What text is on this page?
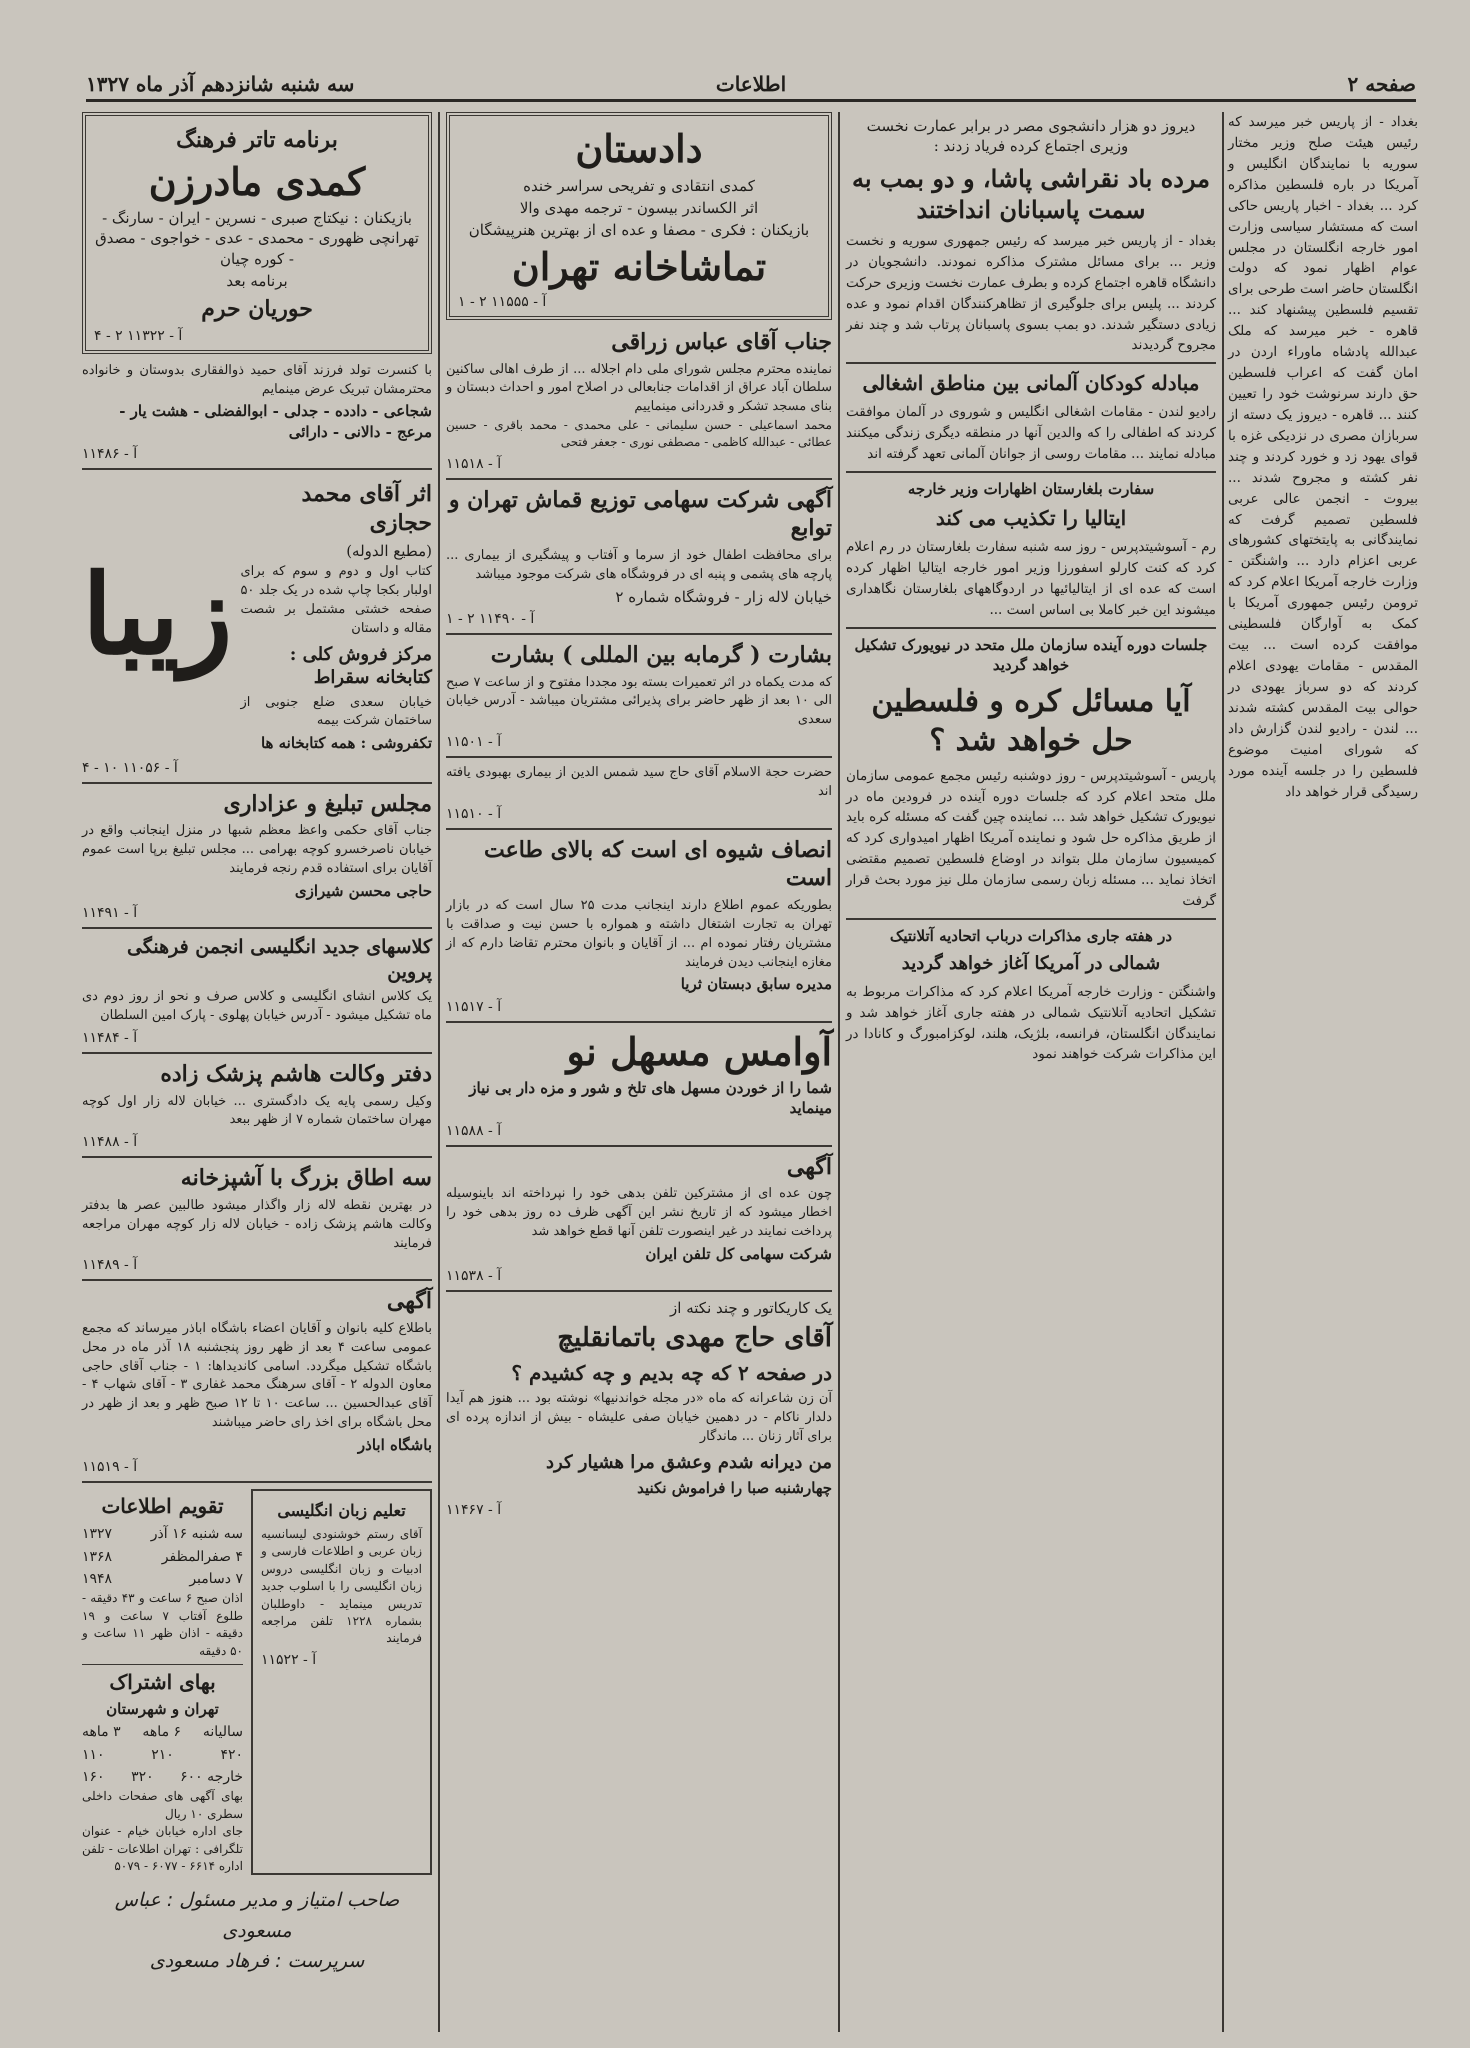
صفحه ۲
اطلاعات
سه شنبه شانزدهم آذر ماه ۱۳۲۷
برنامه تاتر فرهنگ
کمدی مادرزن
بازیکنان : نیکتاج صبری - نسرین - ایران - سارنگ - تهرانچی ظهوری - محمدی - عدی - خواجوی - مصدق - کوره چیان
برنامه بعد
حوریان حرم
آ - ۱۱۳۲۲ ۲ - ۴
با کنسرت تولد فرزند آقای حمید ذوالفقاری بدوستان و خانواده محترمشان تبریک عرض مینمایم
شجاعی - دادده - جدلی - ابوالفضلی - هشت یار - مرعج - دالانی - دارائی
آ - ۱۱۴۸۶
اثر آقای محمد حجازی
(مطیع الدوله)
کتاب اول و دوم و سوم که برای اولبار بکجا چاپ شده در یک جلد ۵۰ صفحه خشتی مشتمل بر شصت مقاله و داستان
مرکز فروش کلی : کتابخانه سقراط
خیابان سعدی ضلع جنوبی از ساختمان شرکت بیمه
تکفروشی : همه کتابخانه ها
زیبا
آ - ۱۱۰۵۶ ۱۰ - ۴
مجلس تبلیغ و عزاداری
جناب آقای حکمی واعظ معظم شبها در منزل اینجانب واقع در خیابان ناصرخسرو کوچه بهرامی ... مجلس تبلیغ برپا است عموم آقایان برای استفاده قدم رنجه فرمایند
حاجی محسن شیرازی
آ - ۱۱۴۹۱
کلاسهای جدید انگلیسی انجمن فرهنگی پروین
یک کلاس انشای انگلیسی و کلاس صرف و نحو از روز دوم دی ماه تشکیل میشود - آدرس خیابان پهلوی - پارک امین السلطان
آ - ۱۱۴۸۴
دفتر وکالت هاشم پزشک زاده
وکیل رسمی پایه یک دادگستری ... خیابان لاله زار اول کوچه مهران ساختمان شماره ۷ از ظهر ببعد
آ - ۱۱۴۸۸
سه اطاق بزرگ با آشپزخانه
در بهترین نقطه لاله زار واگذار میشود طالبین عصر ها بدفتر وکالت هاشم پزشک زاده - خیابان لاله زار کوچه مهران مراجعه فرمایند
آ - ۱۱۴۸۹
آگهی
باطلاع کلیه بانوان و آقایان اعضاء باشگاه اباذر میرساند که مجمع عمومی ساعت ۴ بعد از ظهر روز پنجشنبه ۱۸ آذر ماه در محل باشگاه تشکیل میگردد. اسامی کاندیداها: ۱ - جناب آقای حاجی معاون الدوله ۲ - آقای سرهنگ محمد غفاری ۳ - آقای شهاب ۴ - آقای عبدالحسین ... ساعت ۱۰ تا ۱۲ صبح ظهر و بعد از ظهر در محل باشگاه برای اخذ رای حاضر میباشند
باشگاه اباذر
آ - ۱۱۵۱۹
تعلیم زبان انگلیسی
آقای رستم خوشنودی لیسانسیه زبان عربی و اطلاعات فارسی و ادبیات و زبان انگلیسی دروس زبان انگلیسی را با اسلوب جدید تدریس مینماید - داوطلبان بشماره ۱۲۲۸ تلفن مراجعه فرمایند
آ - ۱۱۵۲۲
تقویم اطلاعات
سه شنبه ۱۶ آذر
۱۳۲۷
۴ صفرالمظفر
۱۳۶۸
۷ دسامبر
۱۹۴۸
اذان صبح ۶ ساعت و ۴۳ دقیقه - طلوع آفتاب ۷ ساعت و ۱۹ دقیقه - اذان ظهر ۱۱ ساعت و ۵۰ دقیقه
بهای اشتراک
تهران و شهرستان
سالیانه
۶ ماهه
۳ ماهه
۴۲۰
۲۱۰
۱۱۰
خارجه ۶۰۰
۳۲۰
۱۶۰
بهای آگهی های صفحات داخلی سطری ۱۰ ریال
جای اداره خیابان خیام - عنوان تلگرافی : تهران اطلاعات - تلفن اداره ۶۶۱۴ - ۶۰۷۷ - ۵۰۷۹
صاحب امتیاز و مدیر مسئول : عباس مسعودی
سرپرست : فرهاد مسعودی
دادستان
کمدی انتقادی و تفریحی سراسر خنده
اثر الکساندر بیسون - ترجمه مهدی والا
بازیکنان : فکری - مصفا و عده ای از بهترین هنرپیشگان
تماشاخانه تهران
آ - ۱۱۵۵۵ ۲ - ۱
جناب آقای عباس زراقی
نماینده محترم مجلس شورای ملی دام اجلاله ... از طرف اهالی ساکنین سلطان آباد عراق از اقدامات جنابعالی در اصلاح امور و احداث دبستان و بنای مسجد تشکر و قدردانی مینماییم
محمد اسماعیلی - حسن سلیمانی - علی محمدی - محمد باقری - حسین عطائی - عبدالله کاظمی - مصطفی نوری - جعفر فتحی
آ - ۱۱۵۱۸
آگهی شرکت سهامی توزیع قماش تهران و توابع
برای محافظت اطفال خود از سرما و آفتاب و پیشگیری از بیماری ... پارچه های پشمی و پنبه ای در فروشگاه های شرکت موجود میباشد
خیابان لاله زار - فروشگاه شماره ۲
آ - ۱۱۴۹۰ ۲ - ۱
بشارت ( گرمابه بین المللی ) بشارت
که مدت یکماه در اثر تعمیرات بسته بود مجددا مفتوح و از ساعت ۷ صبح الی ۱۰ بعد از ظهر حاضر برای پذیرائی مشتریان میباشد - آدرس خیابان سعدی
آ - ۱۱۵۰۱
حضرت حجة الاسلام آقای حاج سید شمس الدین از بیماری بهبودی یافته اند
آ - ۱۱۵۱۰
انصاف شیوه ای است که بالای طاعت است
بطوریکه عموم اطلاع دارند اینجانب مدت ۲۵ سال است که در بازار تهران به تجارت اشتغال داشته و همواره با حسن نیت و صداقت با مشتریان رفتار نموده ام ... از آقایان و بانوان محترم تقاضا دارم که از مغازه اینجانب دیدن فرمایند
مدیره سابق دبستان ثریا
آ - ۱۱۵۱۷
آوامس مسهل نو
شما را از خوردن مسهل های تلخ و شور و مزه دار بی نیاز مینماید
آ - ۱۱۵۸۸
آگهی
چون عده ای از مشترکین تلفن بدهی خود را نپرداخته اند باینوسیله اخطار میشود که از تاریخ نشر این آگهی ظرف ده روز بدهی خود را پرداخت نمایند در غیر اینصورت تلفن آنها قطع خواهد شد
شرکت سهامی کل تلفن ایران
آ - ۱۱۵۳۸
یک کاریکاتور و چند نکته از
آقای حاج مهدی باتمانقلیچ
در صفحه ۲ که چه بدیم و چه کشیدم ؟
آن زن شاعرانه که ماه «در مجله خواندنیها» نوشته بود ... هنوز هم آیدا دلدار ناکام - در دهمین خیابان صفی علیشاه - بیش از اندازه پرده ای برای آثار زنان ... ماندگار
من دیرانه شدم وعشق مرا هشیار کرد
چهارشنبه صبا را فراموش نکنید
آ - ۱۱۴۶۷
دیروز دو هزار دانشجوی مصر در برابر عمارت نخست وزیری اجتماع کرده فریاد زدند :
مرده باد نقراشی پاشا، و دو بمب به سمت پاسبانان انداختند
بغداد - از پاریس خبر میرسد که رئیس جمهوری سوریه و نخست وزیر ... برای مسائل مشترک مذاکره نمودند. دانشجویان در دانشگاه قاهره اجتماع کرده و بطرف عمارت نخست وزیری حرکت کردند ... پلیس برای جلوگیری از تظاهرکنندگان اقدام نمود و عده زیادی دستگیر شدند. دو بمب بسوی پاسبانان پرتاب شد و چند نفر مجروح گردیدند
مبادله کودکان آلمانی بین مناطق اشغالی
رادیو لندن - مقامات اشغالی انگلیس و شوروی در آلمان موافقت کردند که اطفالی را که والدین آنها در منطقه دیگری زندگی میکنند مبادله نمایند ... مقامات روسی از جوانان آلمانی تعهد گرفته اند
سفارت بلغارستان اظهارات وزیر خارجه
ایتالیا را تکذیب می کند
رم - آسوشیتدپرس - روز سه شنبه سفارت بلغارستان در رم اعلام کرد که کنت کارلو اسفورزا وزیر امور خارجه ایتالیا اظهار کرده است که عده ای از ایتالیائیها در اردوگاههای بلغارستان نگاهداری میشوند این خبر کاملا بی اساس است ...
جلسات دوره آینده سازمان ملل متحد در نیویورک تشکیل خواهد گردید
آیا مسائل کره و فلسطین حل خواهد شد ؟
پاریس - آسوشیتدپرس - روز دوشنبه رئیس مجمع عمومی سازمان ملل متحد اعلام کرد که جلسات دوره آینده در فرودین ماه در نیویورک تشکیل خواهد شد ... نماینده چین گفت که مسئله کره باید از طریق مذاکره حل شود و نماینده آمریکا اظهار امیدواری کرد که کمیسیون سازمان ملل بتواند در اوضاع فلسطین تصمیم مقتضی اتخاذ نماید ... مسئله زبان رسمی سازمان ملل نیز مورد بحث قرار گرفت
در هفته جاری مذاکرات درباب اتحادیه آتلانتیک
شمالی در آمریکا آغاز خواهد گردید
واشنگتن - وزارت خارجه آمریکا اعلام کرد که مذاکرات مربوط به تشکیل اتحادیه آتلانتیک شمالی در هفته جاری آغاز خواهد شد و نمایندگان انگلستان، فرانسه، بلژیک، هلند، لوکزامبورگ و کانادا در این مذاکرات شرکت خواهند نمود
بغداد - از پاریس خبر میرسد که رئیس هیئت صلح وزیر مختار سوریه با نمایندگان انگلیس و آمریکا در باره فلسطین مذاکره کرد ... بغداد - اخبار پاریس حاکی است که مستشار سیاسی وزارت امور خارجه انگلستان در مجلس عوام اظهار نمود که دولت انگلستان حاضر است طرحی برای تقسیم فلسطین پیشنهاد کند ... قاهره - خبر میرسد که ملک عبدالله پادشاه ماوراء اردن در امان گفت که اعراب فلسطین حق دارند سرنوشت خود را تعیین کنند ... قاهره - دیروز یک دسته از سربازان مصری در نزدیکی غزه با قوای یهود زد و خورد کردند و چند نفر کشته و مجروح شدند ... بیروت - انجمن عالی عربی فلسطین تصمیم گرفت که نمایندگانی به پایتختهای کشورهای عربی اعزام دارد ... واشنگتن - وزارت خارجه آمریکا اعلام کرد که ترومن رئیس جمهوری آمریکا با کمک به آوارگان فلسطینی موافقت کرده است ... بیت المقدس - مقامات یهودی اعلام کردند که دو سرباز یهودی در حوالی بیت المقدس کشته شدند ... لندن - رادیو لندن گزارش داد که شورای امنیت موضوع فلسطین را در جلسه آینده مورد رسیدگی قرار خواهد داد
